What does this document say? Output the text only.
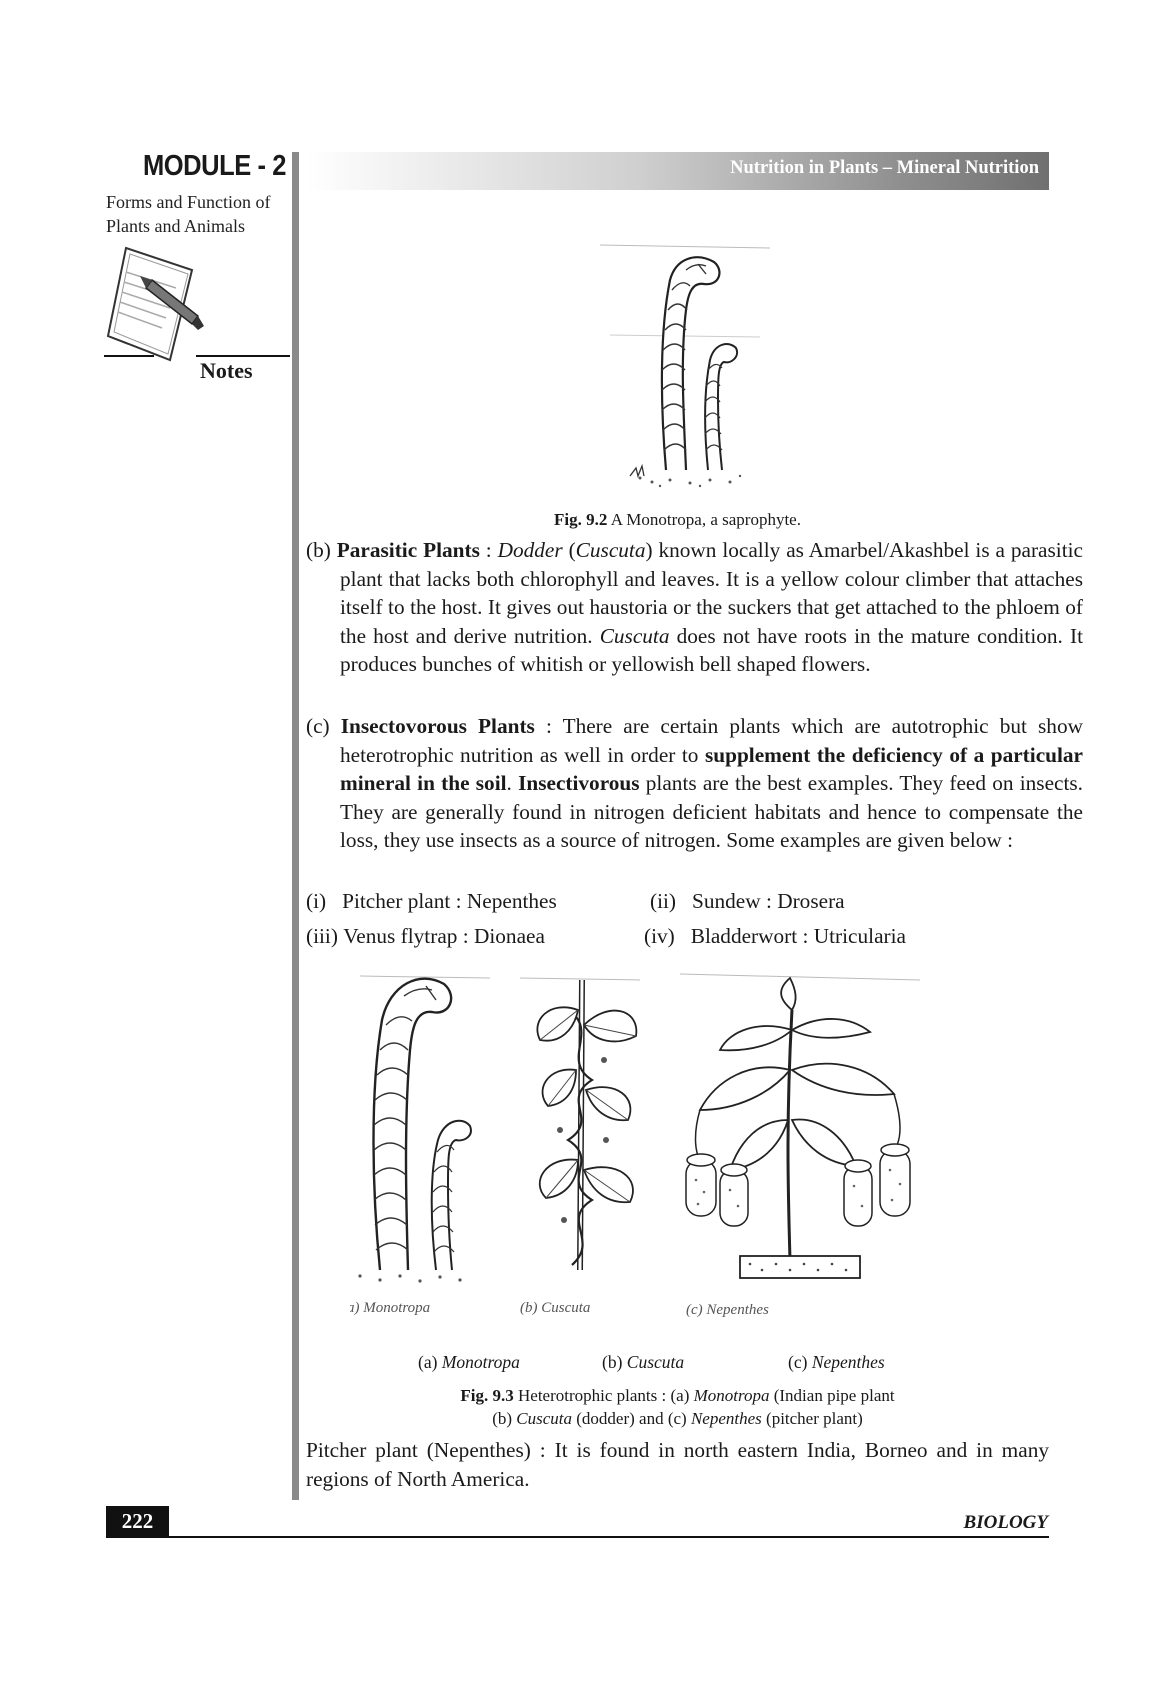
MODULE - 2
Forms and Function of
Plants and Animals
Notes
Nutrition in Plants – Mineral Nutrition
Fig. 9.2 A Monotropa, a saprophyte.
(b) Parasitic Plants : Dodder (Cuscuta) known locally as Amarbel/Akashbel is a parasitic plant that lacks both chlorophyll and leaves. It is a yellow colour climber that attaches itself to the host. It gives out haustoria or the suckers that get attached to the phloem of the host and derive nutrition. Cuscuta does not have roots in the mature condition. It produces bunches of whitish or yellowish bell shaped flowers.
(c) Insectovorous Plants : There are certain plants which are autotrophic but show heterotrophic nutrition as well in order to supplement the deficiency of a particular mineral in the soil. Insectivorous plants are the best examples. They feed on insects. They are generally found in nitrogen deficient habitats and hence to compensate the loss, they use insects as a source of nitrogen. Some examples are given below :
(i) Pitcher plant : Nepenthes	(ii) Sundew : Drosera
(iii) Venus flytrap : Dionaea	(iv) Bladderwort : Utricularia
(a) Monotropa	(b) Cuscuta	(c) Nepenthes
(a) Monotropa	(b) Cuscuta	(c) Nepenthes
Fig. 9.3 Heterotrophic plants : (a) Monotropa (Indian pipe plant
(b) Cuscuta (dodder) and (c) Nepenthes (pitcher plant)
Pitcher plant (Nepenthes) : It is found in north eastern India, Borneo and in many regions of North America.
222	BIOLOGY
